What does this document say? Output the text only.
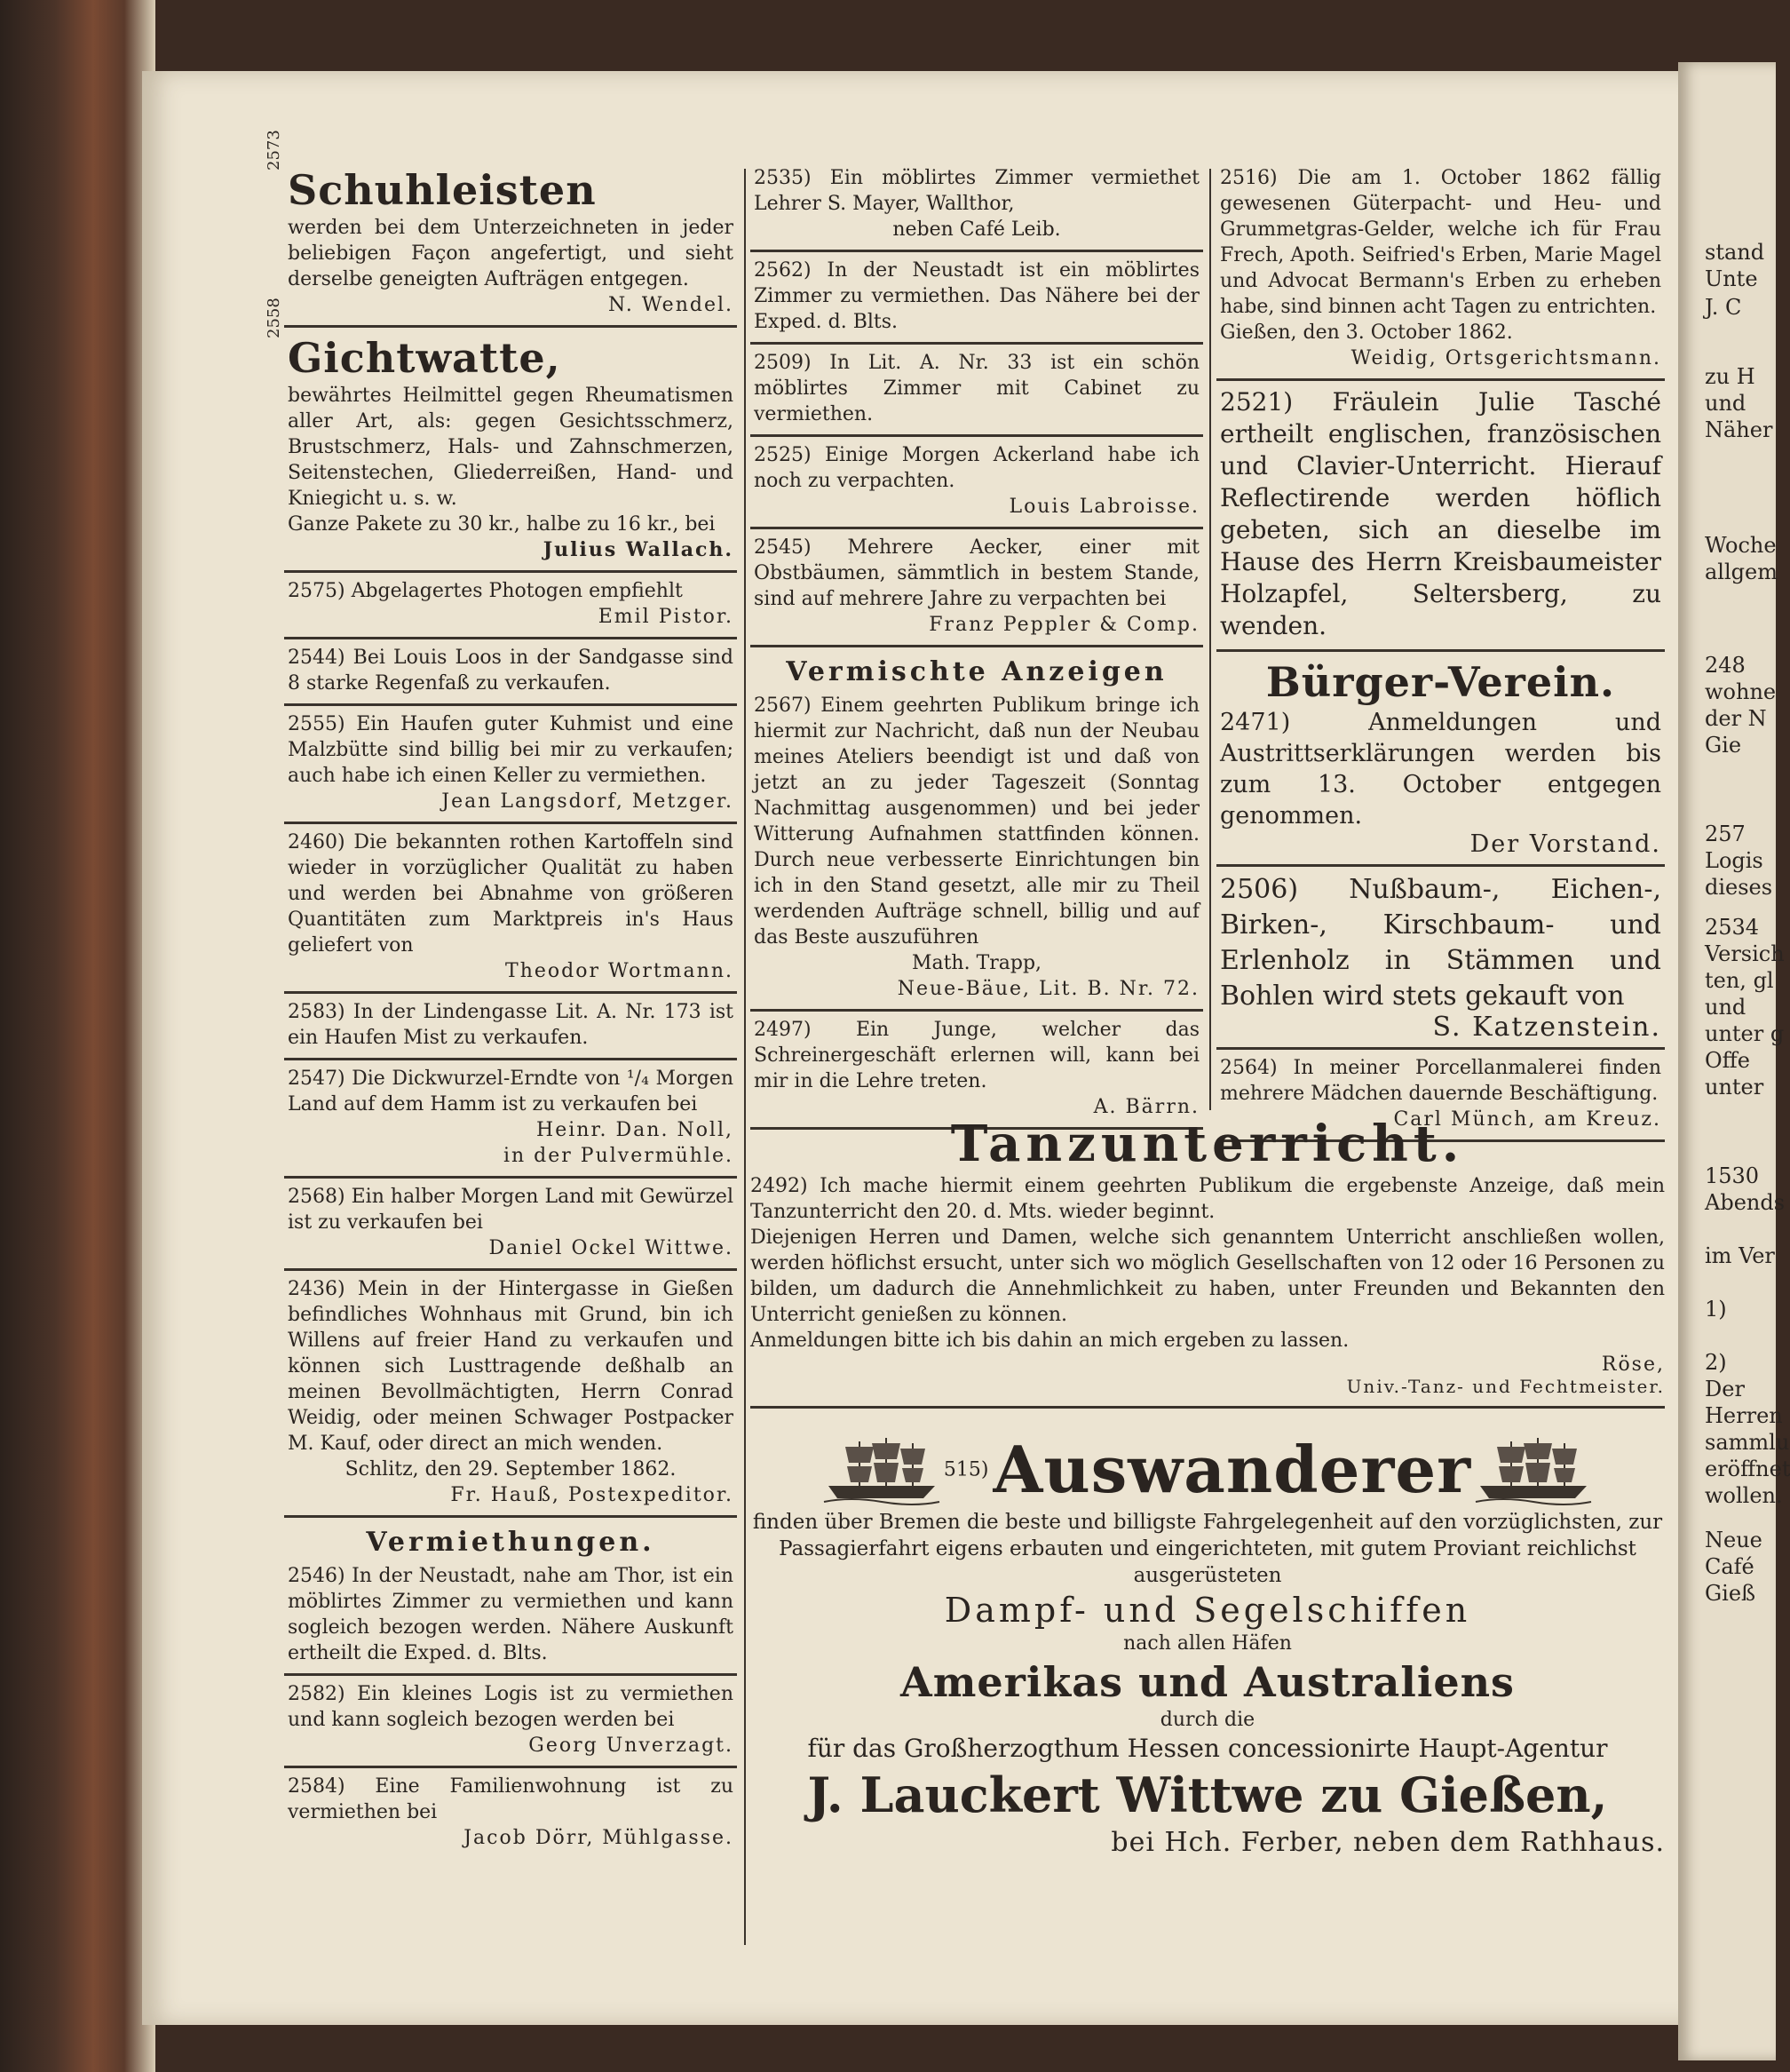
2573
Schuhleisten

werden bei dem Unterzeichneten in jeder beliebigen Façon angefertigt, und sieht derselbe geneigten Aufträgen entgegen.

N. Wendel.
2558
Gichtwatte,

bewährtes Heilmittel gegen Rheumatismen aller Art, als: gegen Gesichtsschmerz, Brustschmerz, Hals- und Zahnschmerzen, Seitenstechen, Gliederreißen, Hand- und Kniegicht u. s. w.

Ganze Pakete zu 30 kr., halbe zu 16 kr., bei

Julius Wallach.

2575) Abgelagertes Photogen empfiehlt

Emil Pistor.

2544) Bei Louis Loos in der Sandgasse sind 8 starke Regenfaß zu verkaufen.

2555) Ein Haufen guter Kuhmist und eine Malzbütte sind billig bei mir zu verkaufen; auch habe ich einen Keller zu vermiethen.

Jean Langsdorf, Metzger.

2460) Die bekannten rothen Kartoffeln sind wieder in vorzüglicher Qualität zu haben und werden bei Abnahme von größeren Quantitäten zum Marktpreis in's Haus geliefert von

Theodor Wortmann.

2583) In der Lindengasse Lit. A. Nr. 173 ist ein Haufen Mist zu verkaufen.

2547) Die Dickwurzel-Erndte von ¹/₄ Morgen Land auf dem Hamm ist zu verkaufen bei

Heinr. Dan. Noll,
in der Pulvermühle.

2568) Ein halber Morgen Land mit Gewürzel ist zu verkaufen bei

Daniel Ockel Wittwe.

2436) Mein in der Hintergasse in Gießen befindliches Wohnhaus mit Grund, bin ich Willens auf freier Hand zu verkaufen und können sich Lusttragende deßhalb an meinen Bevollmächtigten, Herrn Conrad Weidig, oder meinen Schwager Postpacker M. Kauf, oder direct an mich wenden.

Schlitz, den 29. September 1862.
Fr. Hauß, Postexpeditor.
Vermiethungen.

2546) In der Neustadt, nahe am Thor, ist ein möblirtes Zimmer zu vermiethen und kann sogleich bezogen werden. Nähere Auskunft ertheilt die Exped. d. Blts.

2582) Ein kleines Logis ist zu vermiethen und kann sogleich bezogen werden bei

Georg Unverzagt.

2584) Eine Familienwohnung ist zu vermiethen bei

Jacob Dörr, Mühlgasse.

2535) Ein möblirtes Zimmer vermiethet Lehrer S. Mayer, Wallthor,

neben Café Leib.

2562) In der Neustadt ist ein möblirtes Zimmer zu vermiethen. Das Nähere bei der Exped. d. Blts.

2509) In Lit. A. Nr. 33 ist ein schön möblirtes Zimmer mit Cabinet zu vermiethen.

2525) Einige Morgen Ackerland habe ich noch zu verpachten.

Louis Labroisse.

2545) Mehrere Aecker, einer mit Obstbäumen, sämmtlich in bestem Stande, sind auf mehrere Jahre zu verpachten bei

Franz Peppler & Comp.
Vermischte Anzeigen

2567) Einem geehrten Publikum bringe ich hiermit zur Nachricht, daß nun der Neubau meines Ateliers beendigt ist und daß von jetzt an zu jeder Tageszeit (Sonntag Nachmittag ausgenommen) und bei jeder Witterung Aufnahmen stattfinden können. Durch neue verbesserte Einrichtungen bin ich in den Stand gesetzt, alle mir zu Theil werdenden Aufträge schnell, billig und auf das Beste auszuführen

Math. Trapp,
Neue-Bäue, Lit. B. Nr. 72.

2497) Ein Junge, welcher das Schreinergeschäft erlernen will, kann bei mir in die Lehre treten.

A. Bärrn.

2516) Die am 1. October 1862 fällig gewesenen Güterpacht- und Heu- und Grummetgras-Gelder, welche ich für Frau Frech, Apoth. Seifried's Erben, Marie Magel und Advocat Bermann's Erben zu erheben habe, sind binnen acht Tagen zu entrichten.

Gießen, den 3. October 1862.
Weidig, Ortsgerichtsmann.

2521) Fräulein Julie Tasché ertheilt englischen, französischen und Clavier-Unterricht. Hierauf Reflectirende werden höflich gebeten, sich an dieselbe im Hause des Herrn Kreisbaumeister Holzapfel, Seltersberg, zu wenden.

Bürger-Verein.

2471) Anmeldungen und Austrittserklärungen werden bis zum 13. October entgegen genommen.

Der Vorstand.

2506) Nußbaum-, Eichen-, Birken-, Kirschbaum- und Erlenholz in Stämmen und Bohlen wird stets gekauft von

S. Katzenstein.

2564) In meiner Porcellanmalerei finden mehrere Mädchen dauernde Beschäftigung.

Carl Münch, am Kreuz.
Tanzunterricht.

2492) Ich mache hiermit einem geehrten Publikum die ergebenste Anzeige, daß mein Tanzunterricht den 20. d. Mts. wieder beginnt.

Diejenigen Herren und Damen, welche sich genanntem Unterricht anschließen wollen, werden höflichst ersucht, unter sich wo möglich Gesellschaften von 12 oder 16 Personen zu bilden, um dadurch die Annehmlichkeit zu haben, unter Freunden und Bekannten den Unterricht genießen zu können.

Anmeldungen bitte ich bis dahin an mich ergeben zu lassen.

Röse,
Univ.-Tanz- und Fechtmeister.
515) Auswanderer

finden über Bremen die beste und billigste Fahrgelegenheit auf den vorzüglichsten, zur Passagierfahrt eigens erbauten und eingerichteten, mit gutem Proviant reichlichst ausgerüsteten

Dampf- und Segelschiffen
nach allen Häfen
Amerikas und Australiens
durch die
für das Großherzogthum Hessen concessionirte Haupt-Agentur
J. Lauckert Wittwe zu Gießen,
bei Hch. Ferber, neben dem Rathhaus.
stand
Unte
J. C
zu H
und
Näher
Woche
allgem
248
wohne
der N
Gie
257
Logis
dieses
2534
Versich
ten, gl
und
unter g
Offe
unter
1530
Abends
im Ver
1)
2)
Der
Herren
sammlu
eröffnet
wollen.
Neue
Café
Gieß
